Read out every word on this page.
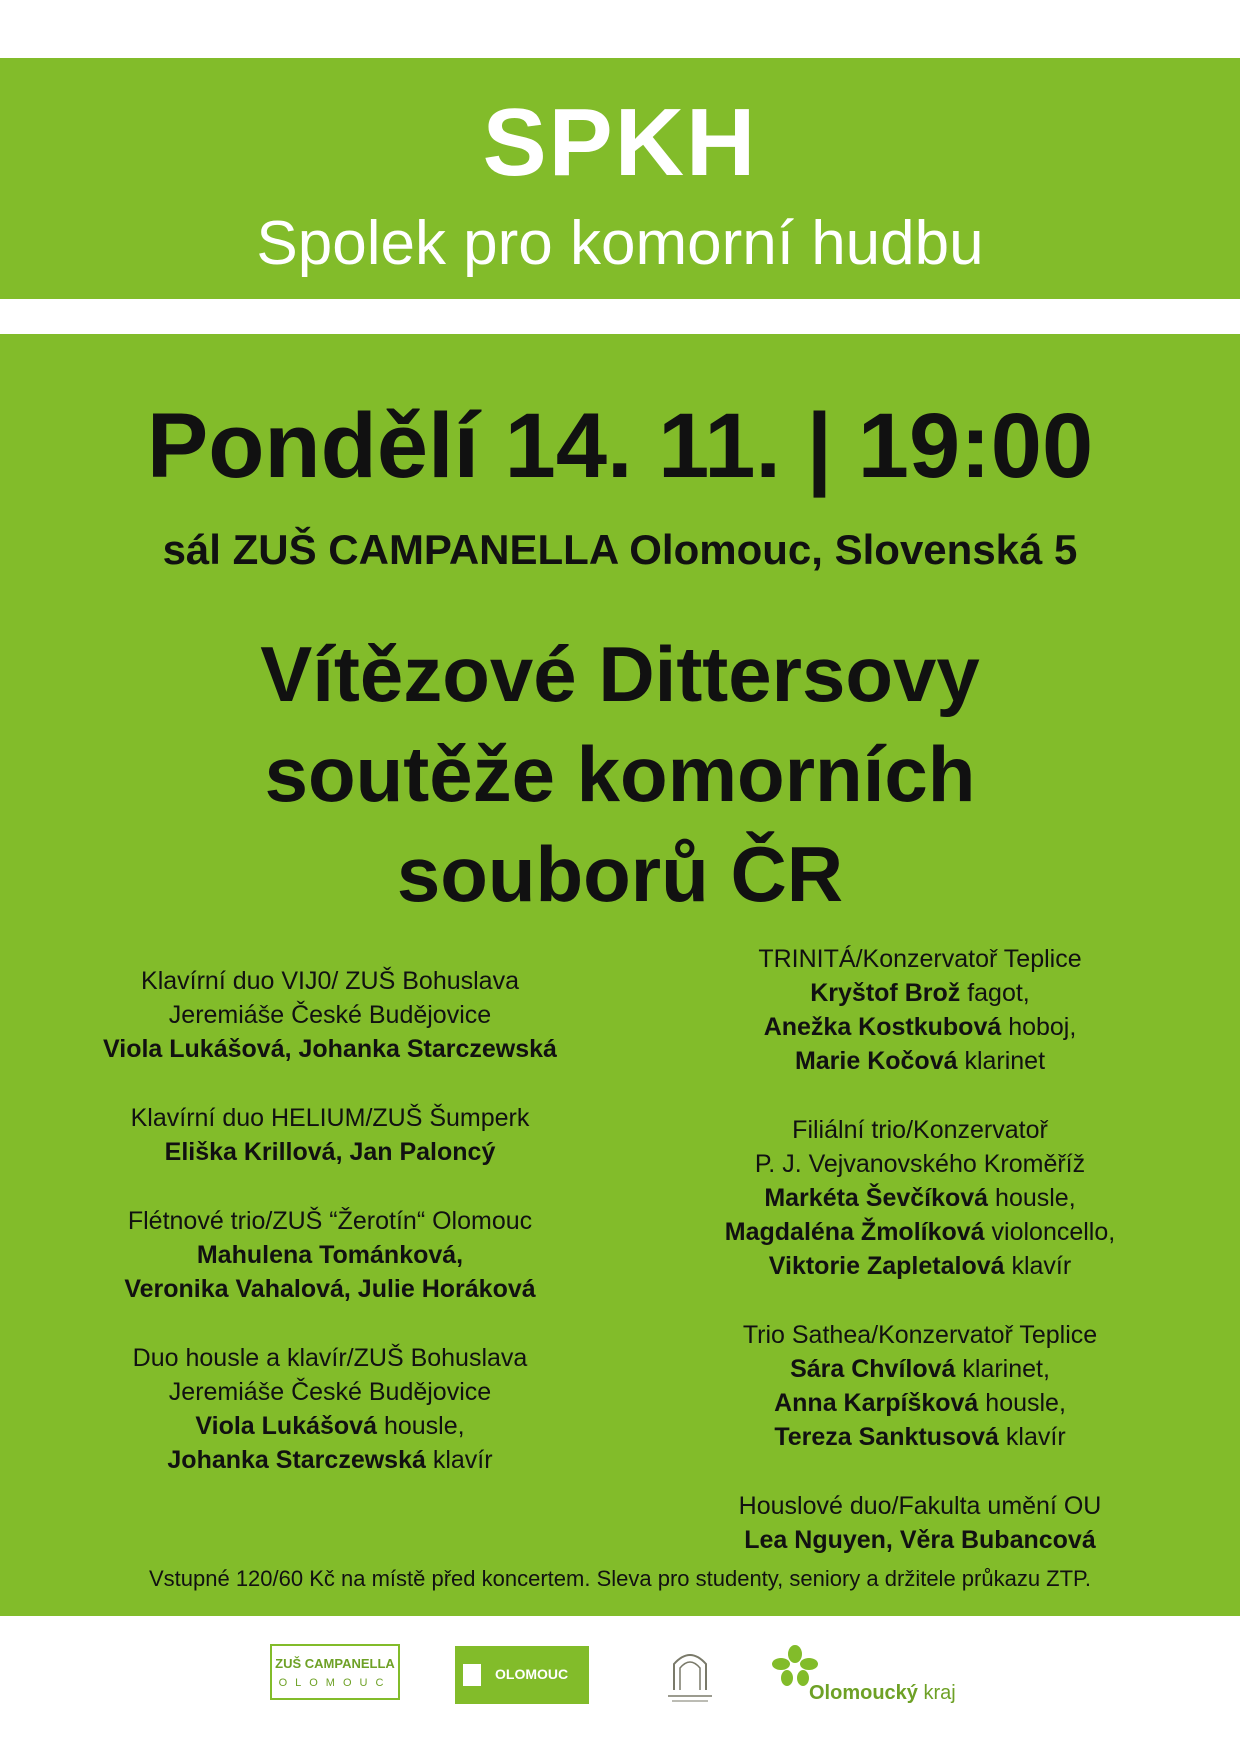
SPKH
Spolek pro komorní hudbu
Pondělí 14. 11. | 19:00
sál ZUŠ CAMPANELLA Olomouc, Slovenská 5
Vítězové Dittersovy
soutěže komorních
souborů ČR
Klavírní duo VIJ0/ ZUŠ Bohuslava
Jeremiáše České Budějovice
Viola Lukášová, Johanka Starczewská
Klavírní duo HELIUM/ZUŠ Šumperk
Eliška Krillová, Jan Paloncý
Flétnové trio/ZUŠ “Žerotín“ Olomouc
Mahulena Tománková,
Veronika Vahalová, Julie Horáková
Duo housle a klavír/ZUŠ Bohuslava
Jeremiáše České Budějovice
Viola Lukášová housle,
Johanka Starczewská klavír
TRINITÁ/Konzervatoř Teplice
Kryštof Brož fagot,
Anežka Kostkubová hoboj,
Marie Kočová klarinet
Filiální trio/Konzervatoř
P. J. Vejvanovského Kroměříž
Markéta Ševčíková housle,
Magdaléna Žmolíková violoncello,
Viktorie Zapletalová klavír
Trio Sathea/Konzervatoř Teplice
Sára Chvílová klarinet,
Anna Karpíšková housle,
Tereza Sanktusová klavír
Houslové duo/Fakulta umění OU
Lea Nguyen, Věra Bubancová
Vstupné 120/60 Kč na místě před koncertem. Sleva pro studenty, seniory a držitele průkazu ZTP.
ZUŠ CAMPANELLA
OLOMOUC
OLOMOUC
Olomoucký kraj
